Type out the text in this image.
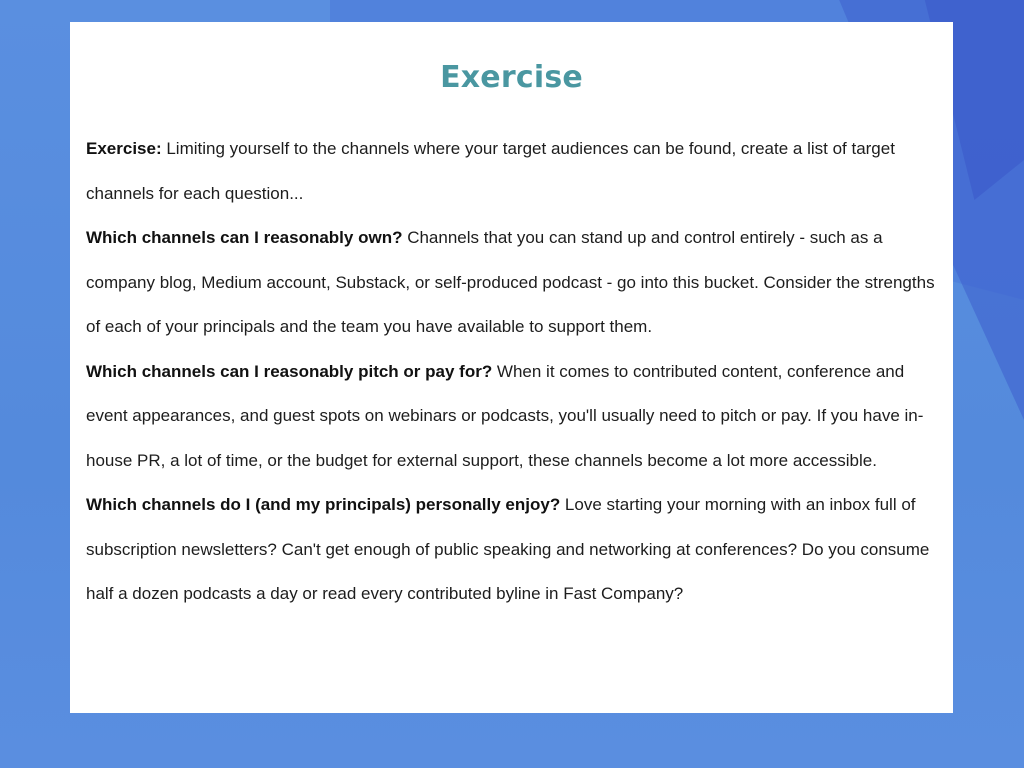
Exercise

Exercise: Limiting yourself to the channels where your target audiences can be found, create a list of target channels for each question...

Which channels can I reasonably own? Channels that you can stand up and control entirely - such as a company blog, Medium account, Substack, or self-produced podcast - go into this bucket. Consider the strengths of each of your principals and the team you have available to support them.

Which channels can I reasonably pitch or pay for? When it comes to contributed content, conference and event appearances, and guest spots on webinars or podcasts, you'll usually need to pitch or pay. If you have in-house PR, a lot of time, or the budget for external support, these channels become a lot more accessible.

Which channels do I (and my principals) personally enjoy? Love starting your morning with an inbox full of subscription newsletters? Can't get enough of public speaking and networking at conferences? Do you consume half a dozen podcasts a day or read every contributed byline in Fast Company?
